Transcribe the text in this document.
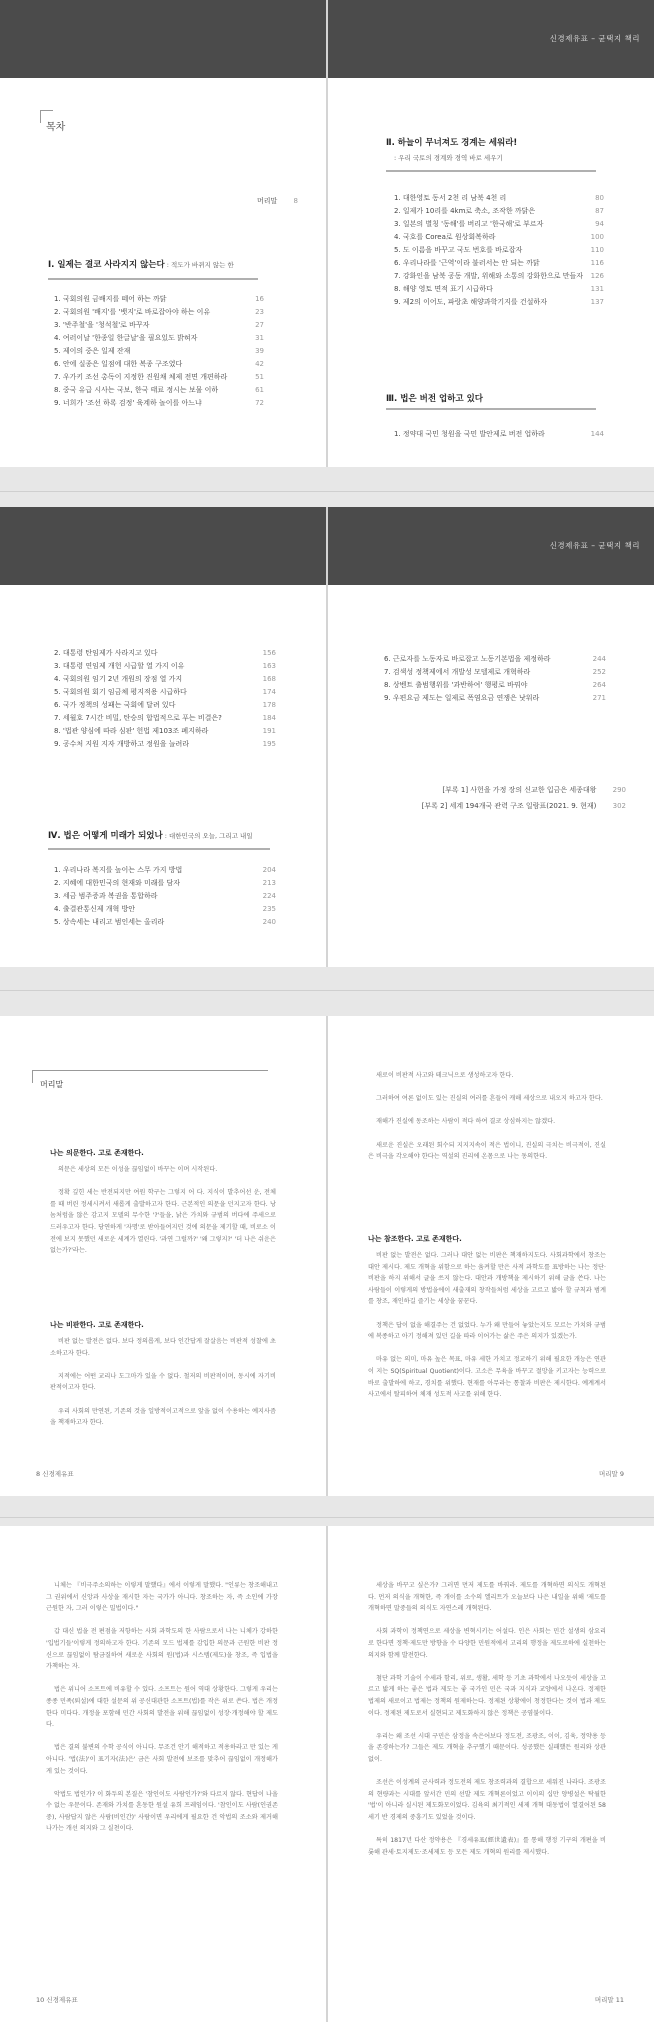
목차
머리말 8
Ⅰ. 일제는 결코 사라지지 않는다 : 적도가 바뀌지 않는 한
1. 국회의원 금배지를 떼어 하는 까닭	16
2. 국회의원 '배지'를 '뱃지'로 바로잡아야 하는 이유	23
3. '반주철'을 '청석철'로 바꾸자	27
4. 여러이날 '한종일 한글날'을 필요있도 밝혀자	31
5. 제이의 중은 일제 잔재	39
6. 안에 실종은 일점에 대한 복종 구조였다	42
7. 우가키 조선 총독이 지정한 진원채 체제 전면 개편하라	51
8. 중국 유급 시사는 국보, 한국 태료 정시는 보물 이하	61
9. 너희가 '조선 하록 검정' 육계하 놀이를 아느냐	72
신경제유표 – 균택지 책리
Ⅱ. 하늘이 무너져도 경계는 세워라!
: 우리 국토의 경계와 경역 바로 세우기
1. 대한영토 동서 2천 리 남북 4천 리	80
2. 일제가 10리를 4km로 축소, 조작한 까닭은	87
3. 일본의 별칭 '동해'를 버리고 '한국해'로 부르자	94
4. 국호를 Corea로 원상회복하라	100
5. 도 이름을 바꾸고 국도 번호를 바로잡자	110
6. 우리나라를 '근역'이라 불러서는 안 되는 까닭	116
7. 강화인을 남북 공동 개발, 위해와 소통의 강화한으로 만들자 126
8. 해양 영토 면적 표기 시급하다	131
9. 제2의 이어도, 파랑초 해양과학기지를 건설하자	137
Ⅲ. 법은 버전 업하고 있다
1. 정약대 국민 청원을 국민 발안제로 버전 업하라	144
2. 대통령 탄임제가 사라지고 있다	156
3. 대통령 연임제 개헌 시급할 열 가지 이유	163
4. 국회의원 임기 2년 개원의 장점 열 가지	168
5. 국회의원 회기 임금체 평지적용 시급하다	174
6. 국가 정책의 성패는 국회에 달려 있다	178
7. 세월호 7시간 비밀, 탄승의 합법적으로 푸는 비결은?	184
8. '법관 양심에 따라 심판' 헌법 제103조 폐지하라	191
9. 공수처 지원 지자 개방하고 정원을 늘려라	195
Ⅳ. 법은 어떻게 미래가 되었나 : 대한민국의 오늘, 그리고 내일
1. 우리나라 복지를 높이는 스무 가지 방법	204
2. 지혜에 대한민국의 현재와 미래를 담자	213
3. 세금 범주증과 복권을 통합하라	224
4. 출결관통신제 개혁 방안	235
5. 상속세는 내리고 범인세는 올리라	240
신경제유표 – 균택지 책리
6. 근로자를 노동자로 바로잡고 노동기본법을 제정하라	244
7. 검색성 정책제에서 개발성 모델제로 개혁하라	252
8. 상벤트 출범행위를 '과반하여' 행평로 바꿔야	264
9. 우편요금 제도는 일제로 폭염요금 연쟁은 낫워라	271
[부록 1] 사헌을 가정 장의 신교한 입금은 세종대왕 290
[부록 2] 세계 194개국 관력 구조 일람표(2021. 9. 현재) 302
머리말
나는 의문한다. 고로 존재한다.

의문은 세상의 모든 이성을 끊임없이 바꾸는 이며 시작된다.

정확 깊힌 세는 반전되지만 여원 학구는 그렇지 어 다. 지식이 발추어선 운, 전체를 때 버린 정세시켜서 새롭게 출발하고자 한다. 근본적인 의문을 던지고자 한다. 낭놈처럼을 않은 감고지 모델의 무수한 '?'들을, 낡은 가치와 규범의 버다에 주세으로 드러우고자 한다. 당연하게 '자명'로 받아들여지던 것에 의문을 제기할 때, 비로소 이전에 보지 못했던 새로운 세계가 열린다. '과연 그럴까?' '왜 그렇지?' '더 나은 쉬운은 없는가?'라는.

나는 비판한다. 고로 존재한다.

비판 없는 발전은 없다. 보다 정의롭게, 보다 인간답게 잘살음는 비판적 성찰에 초소하고자 한다.

지적에는 어떤 교리나 도그마가 있을 수 없다. 철저의 비판적이며, 동시에 자기비판적이고자 한다.

우리 사회의 만연된, 기존의 것을 일방적이고적으로 앞을 없이 수용하는 예지사즘을 책재하고자 한다.

8 신경제유표

새로이 비판적 사고와 테크닉으로 생성하고자 한다.

그러하여 여론 없이도 있는 진실의 여러를 흔들어 캐해 세상으로 내오지 하고자 한다.

재해가 진실에 동조하는 사람이 적다 하여 결코 상심하지는 않겠다.

새로운 진실은 오래된 회수되 지지지속이 적은 법이니, 진실의 극치는 비극적이, 진실은 비극을 각오해야 한다는 역설의 진리에 온몸으로 나는 동의한다.

나는 참조한다. 고로 존재한다.

비판 없는 발전은 없다. 그러나 대안 없는 비판은 책재하지도다. 사회과학에서 창조는 대안 제시다. 제도 개혁을 위함으로 하는 움켜할 만은 사적 과학도를 표방하는 나는 정단·비판을 하지 위해서 글을 쓰지 않는다. 대안과 개방책을 제시하기 위해 글을 쓴다. 나는 사람들이 이렇게의 방법을에이 새출재의 창작들처럼 세상을 고르고 밟아 할 규칙과 범계를 창조, 재인하길 즐기는 세상을 꿈꾼다.

정책은 답이 없을 해결주는 건 없었다. 누가 왜 만들어 놓았는지도 모르는 가치와 규범에 복종하고 아기 정해져 있던 길을 따라 이어가는 삶은 주은 의지가 있겠는가.

마유 없는 의미, 마유 높은 목표, 마유 세한 가치고 정교하기 위해 필요한 개능은 연관이 지는 SQ(Spiritual Quotient)이다. 고소은 무육을 바꾸고 절망을 키고자는 능력으로 바로 출발하에 하고, 경치를 위했다. 현재를 아무라는 통찰과 비판은 제시한다. 예계계서 사고에서 탈피하여 체재 성도적 사고를 위해 한다.

머리말 9

니체는 『비극주소의하는 이렇게 말했다』에서 이렇게 말했다. "인류는 창조해내고 그 권위에서 신앙과 사상을 재시한 자는 국가가 아니다. 창조하는 자, 즉 소인에 가장 근원한 자, 그러 이렇은 밀법이다."

갑 대신 법을 전 편점을 저항하는 사회 과학도의 한 사람으로서 나는 니체가 강하한 '입법기들'이렇게 정의하고자 한다. 기존의 모드 법제를 감입한 의문과 근원한 비판 정신으로 끊임없이 탐금질하여 새로운 사회의 원(법)과 시스템(제도)을 창조, 즉 입법을 가책하는 자.

법은 위니어 소프트에 비유할 수 있다. 소프트는 원어 역대 상황한다. 그렇게 우리는 종종 민족(퇴설)에 대한 설문의 위 공신대관한 소프트(법)를 작은 위로 쓴다. 법은 개정한다 미다다. 개정을 포함해 민간 사회의 발전을 위해 끊임없이 성장·개정해야 할 제도다.

법은 결의 불변의 수학 공식이 아니다. 무조건 안기 해적하고 적용하라고 만 있는 게 아니다. '법(法)'이 표기자(法)은' 금은 사회 발전에 보조를 맞추어 끊임없이 개정해가게 있는 것이다.

악법도 법인가? 이 화두의 본질은 '참인이도 사람인가?'와 다르지 않다. 현답이 나올 수 없는 우문이다. 존재와 가치를 혼동한 원설 유희 프레임이다. '참인이도 사람(인권존중), 사람답지 않은 사람(비인간)' 사람이면 우리에게 필요한 건 악법의 조소와 제거해나가는 개선 의지와 그 실천이다.

10 신경제유표

세상을 바꾸고 싶은가? 그러면 먼저 제도를 바꿔라. 제도를 개혁하면 의식도 개혁된다. 먼저 의식을 개혁한, 즉 개이를 소수의 엘리트가 오늘보다 나은 내일을 위해 '제도를 개혁하면 말중들의 의식도 자연스레 개혁된다.

사회 과학이 정책연으로 세상을 변혁시키는 어설다. 인은 사회는 민간 설생의 삼요리로 한다면 정책·제도만 방향을 수 다양한 민원적에서 고리의 행정을 제도로하에 실천하는 의지와 함께 발전한다.

첨단 과학 기술이 수세과 함리, 위로, 생활, 세학 등 기초 과학에서 나오듯이 세상을 고르고 밟게 하는 좋은 법과 제도는 좋 국가인 민은 국과 지식과 교양에서 나온다. 정제한 법제의 새로이고 법제는 정책의 원제하는다. 정제된 상황에이 청정한다는 것이 법과 제도이다. 정제된 제도로서 실현되고 제도화하지 않은 정책은 공염불이다.

우리는 왜 조선 시대 구민은 삼정을 속은어보다 정도전, 조광조, 이이, 김육, 정약용 등을 존경하는가? 그들은 제도 개혁을 추구했기 때문이다. 성공했든 실패했든 원리와 상관없이.

조선은 이성계의 군사력과 정도전의 제도 창조력과의 결합으로 세워진 나라다. 조광조의 현량과는 시대를 앞서간 민의 선발 제도 개혁론이었고 이이의 십만 양병설은 탁월한 '법'이 아니라 실시된 제도화모이었다. 김육의 최기적인 세제 개혁 대동법이 열결어된 58세기 반 경제의 중흥기도 있었을 것이다.

특히 1817년 다산 정약용은 『경세유표(經世遺表)』를 통해 행정 기구의 개편을 비롯해 관세·토지제도·조세제도 등 모든 제도 개혁의 원리를 제시했다.

머리말 11
